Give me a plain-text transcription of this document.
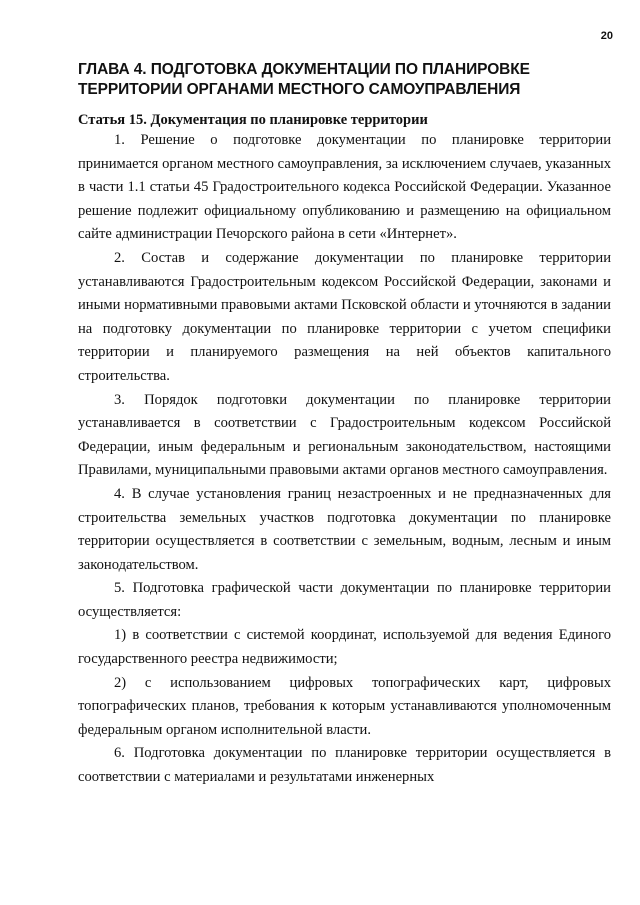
20
ГЛАВА 4. ПОДГОТОВКА ДОКУМЕНТАЦИИ ПО ПЛАНИРОВКЕ
ТЕРРИТОРИИ ОРГАНАМИ МЕСТНОГО САМОУПРАВЛЕНИЯ
Статья 15. Документация по планировке территории

1. Решение о подготовке документации по планировке территории принимается органом местного самоуправления, за исключением случаев, указанных в части 1.1 статьи 45 Градостроительного кодекса Российской Федерации. Указанное решение подлежит официальному опубликованию и размещению на официальном сайте администрации Печорского района в сети «Интернет».

2. Состав и содержание документации по планировке территории устанавливаются Градостроительным кодексом Российской Федерации, законами и иными нормативными правовыми актами Псковской области и уточняются в задании на подготовку документации по планировке территории с учетом специфики территории и планируемого размещения на ней объектов капитального строительства.

3. Порядок подготовки документации по планировке территории устанавливается в соответствии с Градостроительным кодексом Российской Федерации, иным федеральным и региональным законодательством, настоящими Правилами, муниципальными правовыми актами органов местного самоуправления.

4. В случае установления границ незастроенных и не предназначенных для строительства земельных участков подготовка документации по планировке территории осуществляется в соответствии с земельным, водным, лесным и иным законодательством.

5. Подготовка графической части документации по планировке территории осуществляется:

1) в соответствии с системой координат, используемой для ведения Единого государственного реестра недвижимости;

2) с использованием цифровых топографических карт, цифровых топографических планов, требования к которым устанавливаются уполномоченным федеральным органом исполнительной власти.

6. Подготовка документации по планировке территории осуществляется в соответствии с материалами и результатами инженерных
